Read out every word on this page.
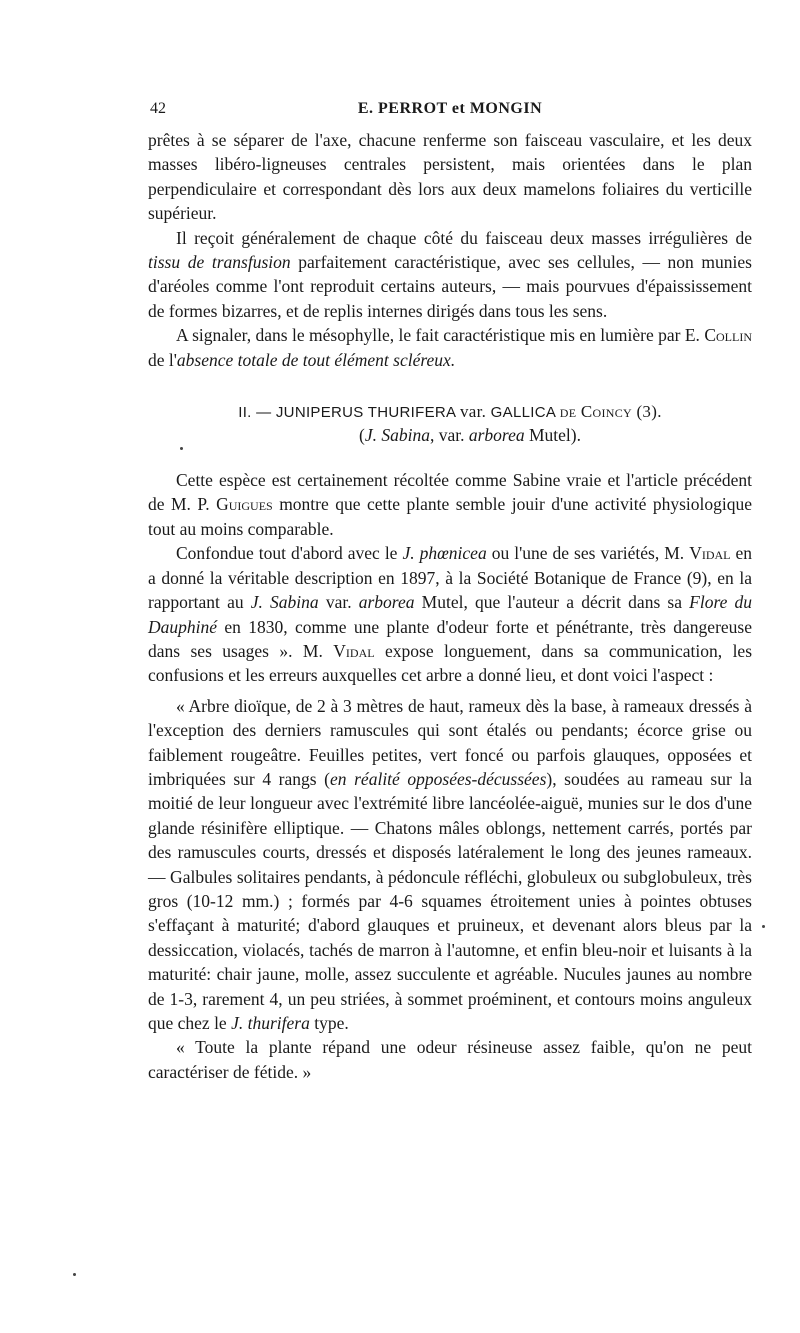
42	E. PERROT et MONGIN

prêtes à se séparer de l'axe, chacune renferme son faisceau vasculaire, et les deux masses libéro-ligneuses centrales persistent, mais orientées dans le plan perpendiculaire et correspondant dès lors aux deux mamelons foliaires du verticille supérieur.

Il reçoit généralement de chaque côté du faisceau deux masses irrégulières de tissu de transfusion parfaitement caractéristique, avec ses cellules, — non munies d'aréoles comme l'ont reproduit certains auteurs, — mais pourvues d'épaississement de formes bizarres, et de replis internes dirigés dans tous les sens.

A signaler, dans le mésophylle, le fait caractéristique mis en lumière par E. Collin de l'absence totale de tout élément scléreux.

II. — JUNIPERUS THURIFERA var. GALLICA de Coincy (3).

(J. Sabina, var. arborea Mutel).

Cette espèce est certainement récoltée comme Sabine vraie et l'article précédent de M. P. Guigues montre que cette plante semble jouir d'une activité physiologique tout au moins comparable.

Confondue tout d'abord avec le J. phœnicea ou l'une de ses variétés, M. Vidal en a donné la véritable description en 1897, à la Société Botanique de France (9), en la rapportant au J. Sabina var. arborea Mutel, que l'auteur a décrit dans sa Flore du Dauphiné en 1830, comme une plante d'odeur forte et pénétrante, très dangereuse dans ses usages ». M. Vidal expose longuement, dans sa communication, les confusions et les erreurs auxquelles cet arbre a donné lieu, et dont voici l'aspect :

« Arbre dioïque, de 2 à 3 mètres de haut, rameux dès la base, à rameaux dressés à l'exception des derniers ramuscules qui sont étalés ou pendants; écorce grise ou faiblement rougeâtre. Feuilles petites, vert foncé ou parfois glauques, opposées et imbriquées sur 4 rangs (en réalité opposées-décussées), soudées au rameau sur la moitié de leur longueur avec l'extrémité libre lancéolée-aiguë, munies sur le dos d'une glande résinifère elliptique. — Chatons mâles oblongs, nettement carrés, portés par des ramuscules courts, dressés et disposés latéralement le long des jeunes rameaux. — Galbules solitaires pendants, à pédoncule réfléchi, globuleux ou subglobuleux, très gros (10-12 mm.) ; formés par 4-6 squames étroitement unies à pointes obtuses s'effaçant à maturité; d'abord glauques et pruineux, et devenant alors bleus par la dessiccation, violacés, tachés de marron à l'automne, et enfin bleu-noir et luisants à la maturité: chair jaune, molle, assez succulente et agréable. Nucules jaunes au nombre de 1-3, rarement 4, un peu striées, à sommet proéminent, et contours moins anguleux que chez le J. thurifera type.

« Toute la plante répand une odeur résineuse assez faible, qu'on ne peut caractériser de fétide. »
